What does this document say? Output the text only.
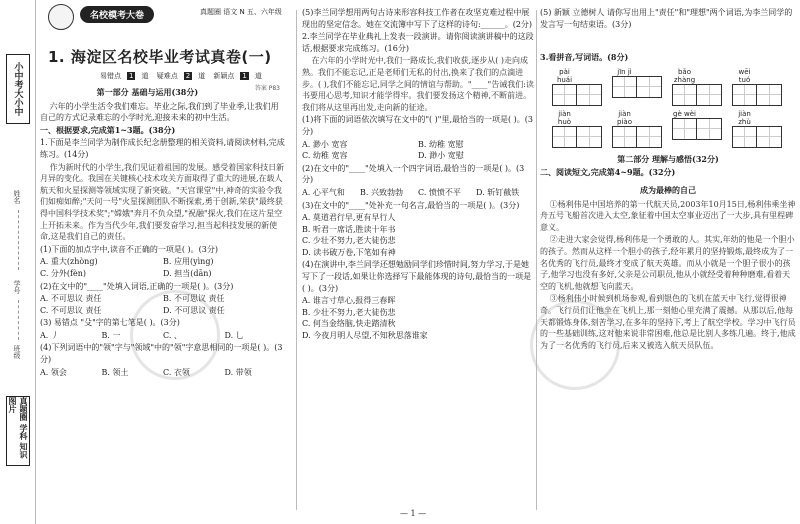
小中考大小中
姓名
学号
班级
真题圈 学科 知识图片
名校模考大卷	真题圈 语文 N 五、六年级
1. 海淀区名校毕业考试真卷(一)
易错点 1 道 疑难点 2 道 新颖点 1 道
答案 P83
第一部分 基础与运用(38分)
六年的小学生活令我们难忘。毕业之际,我们到了毕业季,让我们用自己的方式记录难忘的小学时光,迎接未来的初中生活。
一、根据要求,完成第1~3题。(38分)
1.下面是李兰同学为制作成长纪念册整理的相关资料,请阅读材料,完成练习。(14分)
作为新时代的小学生,我们见证着祖国的发展。感受着国家科技日新月异的变化。我国在关键核心技术攻关方面取得了重大的进展,在载人航天和火星探测等领域实现了新突破。"天宫课堂"中,神奇的实验令我们如痴如醉;"天问一号"火星探测团队不断探索,勇于创新,荣获"最终获得中国科学技术奖";"嫦娥"奔月不负众望,"祝融"探火,我们在这片星空上开拓未来。作为当代少年,我们要发奋学习,担当起科技发展的新使命,这是我们自己的责任。
(1)下面的加点字中,读音不正确的一项是( )。(3分)
A. 重大(zhòng)	B. 应用(yìng)
C. 分外(fèn)	D. 担当(dān)
(2)在文中的"____"处填入词语,正确的一项是( )。(3分)
A. 不可思议 责任	B. 不可思议 责任
C. 不可思议 责任	D. 不可思议 责任
(3) 易错点 "殳"字的第七笔是( )。(3分)
A. 丿	B. 一	C. 、	D. 乚
(4)下列词语中的"领"字与"领域"中的"领"字意思相同的一项是( )。(3分)
A. 领会	B. 领土	C. 衣领	D. 带领
(5)李兰同学想用两句古诗来形容科技工作者在攻坚克难过程中展现出的坚定信念。她在交流簿中写下了这样的诗句:______。(2分)
2.李兰同学在毕业典礼上发表一段演讲。请你阅读演讲稿中的这段话,根据要求完成练习。(16分)
在六年的小学时光中,我们一路成长,我们收获,逐步从( )走向成熟。我们不能忘记,正是老师们无私的付出,换来了我们的点滴进步。( ),我们不能忘记,同学之间的情谊与帮助。"____"告诫我们:读书要用心思考,知识才能学得牢。我们要发扬这个精神,不断前进。我们将从这里再出发,走向新的征途。
(1)将下面的词语依次填写在文中的"( )"里,最恰当的一项是( )。(3分)
A. 渺小 宽容	B. 幼稚 宽慰
C. 幼稚 宽容	D. 渺小 宽慰
(2)在文中的"____"处填入一个四字词语,最恰当的一项是( )。(3分)
A. 心平气和	B. 兴致勃勃	C. 愤愤不平	D. 斩钉截铁
(3)在文中的"____"处补充一句名言,最恰当的一项是( )。(3分)
A. 莫道君行早,更有早行人
B. 听君一席话,胜读十年书
C. 少壮不努力,老大徒伤悲
D. 读书破万卷,下笔如有神
(4)在演讲中,李兰同学还想勉励同学们珍惜时间,努力学习,于是她写下了一段话,如果让你选择写下最能体现的诗句,最恰当的一项是( )。(3分)
A. 谁言寸草心,报得三春晖
B. 少壮不努力,老大徒伤悲
C. 何当金络脑,快走踏清秋
D. 今夜月明人尽望,不知秋思落谁家
(5) 新颖 立德树人 请你写出用上"责任"和"理想"两个词语,为李兰同学的发言写一句结束语。(3分)
3.看拼音,写词语。(8分)
pài huái
jīn jì	bǎo zhàng
wēi tuó
jiàn huò
jiàn piào
gè wèi	jiàn zhù
第二部分 理解与感悟(32分)
二、阅读短文,完成第4~9题。(32分)
成为最棒的自己
①杨利伟是中国培养的第一代航天员,2003年10月15日,杨利伟乘坐神舟五号飞船首次进入太空,象征着中国太空事业迈出了一大步,具有里程碑意义。
②走进大家会觉得,杨利伟是一个勇敢的人。其实,年幼的他是一个胆小的孩子。然而从这样一个胆小的孩子,经年累月的坚持锻炼,最终成为了一名优秀的飞行员,最终才变成了航天英雄。而从小就是一个胆子很小的孩子,他学习也没有多好,父亲是公司职员,他从小就经受着种种磨难,看着天空的飞机,他就想飞向蓝天。
③杨利伟小时候到机场参观,看到银色的飞机在蓝天中飞行,觉得很神奇。飞行员们让他坐在飞机上,那一刻他心里充满了震撼。从那以后,他每天都锻炼身体,刻苦学习,在多年的坚持下,考上了航空学校。学习中飞行员的一些基础训练,这对他来说非常困难,他总是比别人多练几遍。终于,他成为了一名优秀的飞行员,后来又被选入航天员队伍。
— 1 —
